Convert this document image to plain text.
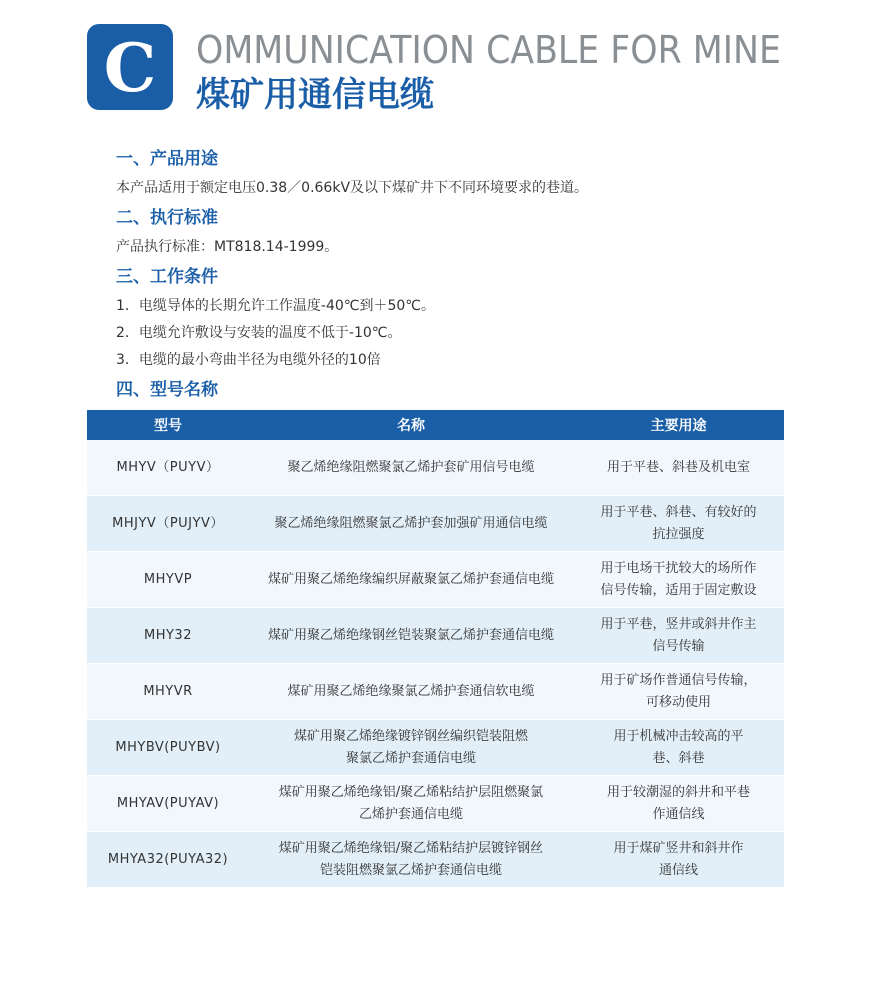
C OMMUNICATION CABLE FOR MINE
煤矿用通信电缆
一、产品用途
本产品适用于额定电压0.38／0.66kV及以下煤矿井下不同环境要求的巷道。
二、执行标准
产品执行标准：MT818.14-1999。
三、工作条件
1．电缆导体的长期允许工作温度-40℃到＋50℃。
2．电缆允许敷设与安装的温度不低于-10℃。
3．电缆的最小弯曲半径为电缆外径的10倍
四、型号名称
型号	名称	主要用途
MHYV（PUYV）	聚乙烯绝缘阻燃聚氯乙烯护套矿用信号电缆	用于平巷、斜巷及机电室
MHJYV（PUJYV）	聚乙烯绝缘阻燃聚氯乙烯护套加强矿用通信电缆	用于平巷、斜巷、有较好的
抗拉强度
MHYVP	煤矿用聚乙烯绝缘编织屏蔽聚氯乙烯护套通信电缆	用于电场干扰较大的场所作
信号传输，适用于固定敷设
MHY32	煤矿用聚乙烯绝缘钢丝铠装聚氯乙烯护套通信电缆	用于平巷，竖井或斜井作主
信号传输
MHYVR	煤矿用聚乙烯绝缘聚氯乙烯护套通信软电缆	用于矿场作普通信号传输，
可移动使用
MHYBV(PUYBV)	煤矿用聚乙烯绝缘镀锌钢丝编织铠装阻燃
聚氯乙烯护套通信电缆	用于机械冲击较高的平
巷、斜巷
MHYAV(PUYAV)	煤矿用聚乙烯绝缘铝/聚乙烯粘结护层阻燃聚氯
乙烯护套通信电缆	用于较潮湿的斜井和平巷
作通信线
MHYA32(PUYA32)	煤矿用聚乙烯绝缘铝/聚乙烯粘结护层镀锌钢丝
铠装阻燃聚氯乙烯护套通信电缆	用于煤矿竖井和斜井作
通信线
